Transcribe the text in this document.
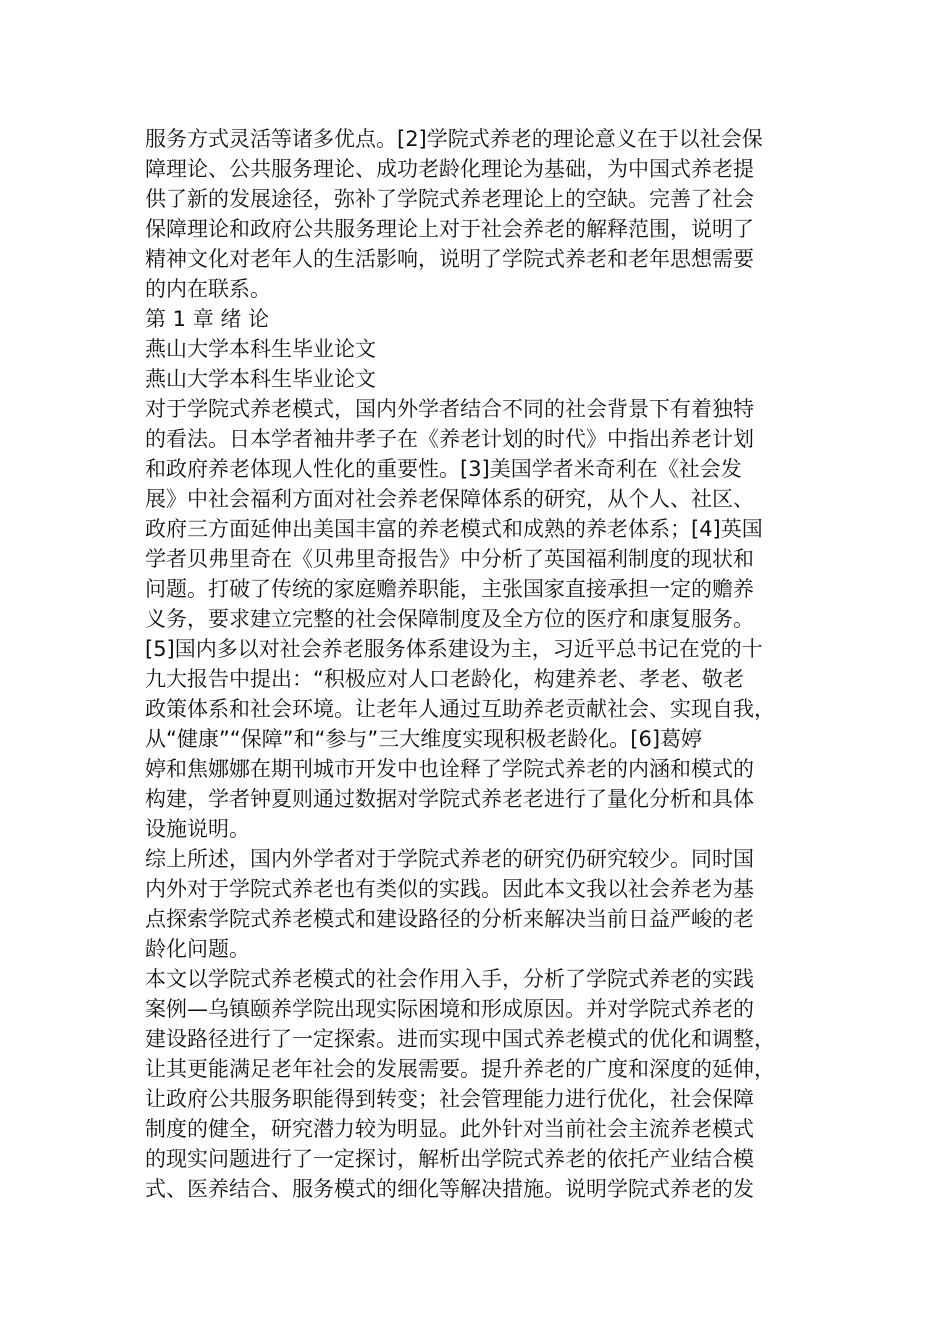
服务方式灵活等诸多优点。[2]学院式养老的理论意义在于以社会保
障理论、公共服务理论、成功老龄化理论为基础，为中国式养老提
供了新的发展途径，弥补了学院式养老理论上的空缺。完善了社会
保障理论和政府公共服务理论上对于社会养老的解释范围，说明了
精神文化对老年人的生活影响，说明了学院式养老和老年思想需要
的内在联系。
第 1 章 绪 论
燕山大学本科生毕业论文
燕山大学本科生毕业论文
对于学院式养老模式，国内外学者结合不同的社会背景下有着独特
的看法。日本学者袖井孝子在《养老计划的时代》中指出养老计划
和政府养老体现人性化的重要性。[3]美国学者米奇利在《社会发
展》中社会福利方面对社会养老保障体系的研究，从个人、社区、
政府三方面延伸出美国丰富的养老模式和成熟的养老体系；[4]英国
学者贝弗里奇在《贝弗里奇报告》中分析了英国福利制度的现状和
问题。打破了传统的家庭赡养职能，主张国家直接承担一定的赡养
义务，要求建立完整的社会保障制度及全方位的医疗和康复服务。
[5]国内多以对社会养老服务体系建设为主，习近平总书记在党的十
九大报告中提出：“积极应对人口老龄化，构建养老、孝老、敬老
政策体系和社会环境。让老年人通过互助养老贡献社会、实现自我，
从“健康”“保障”和“参与”三大维度实现积极老龄化。[6]葛婷
婷和焦娜娜在期刊城市开发中也诠释了学院式养老的内涵和模式的
构建，学者钟夏则通过数据对学院式养老老进行了量化分析和具体
设施说明。
综上所述，国内外学者对于学院式养老的研究仍研究较少。同时国
内外对于学院式养老也有类似的实践。因此本文我以社会养老为基
点探索学院式养老模式和建设路径的分析来解决当前日益严峻的老
龄化问题。
本文以学院式养老模式的社会作用入手，分析了学院式养老的实践
案例—乌镇颐养学院出现实际困境和形成原因。并对学院式养老的
建设路径进行了一定探索。进而实现中国式养老模式的优化和调整，
让其更能满足老年社会的发展需要。提升养老的广度和深度的延伸，
让政府公共服务职能得到转变；社会管理能力进行优化，社会保障
制度的健全，研究潜力较为明显。此外针对当前社会主流养老模式
的现实问题进行了一定探讨，解析出学院式养老的依托产业结合模
式、医养结合、服务模式的细化等解决措施。说明学院式养老的发
